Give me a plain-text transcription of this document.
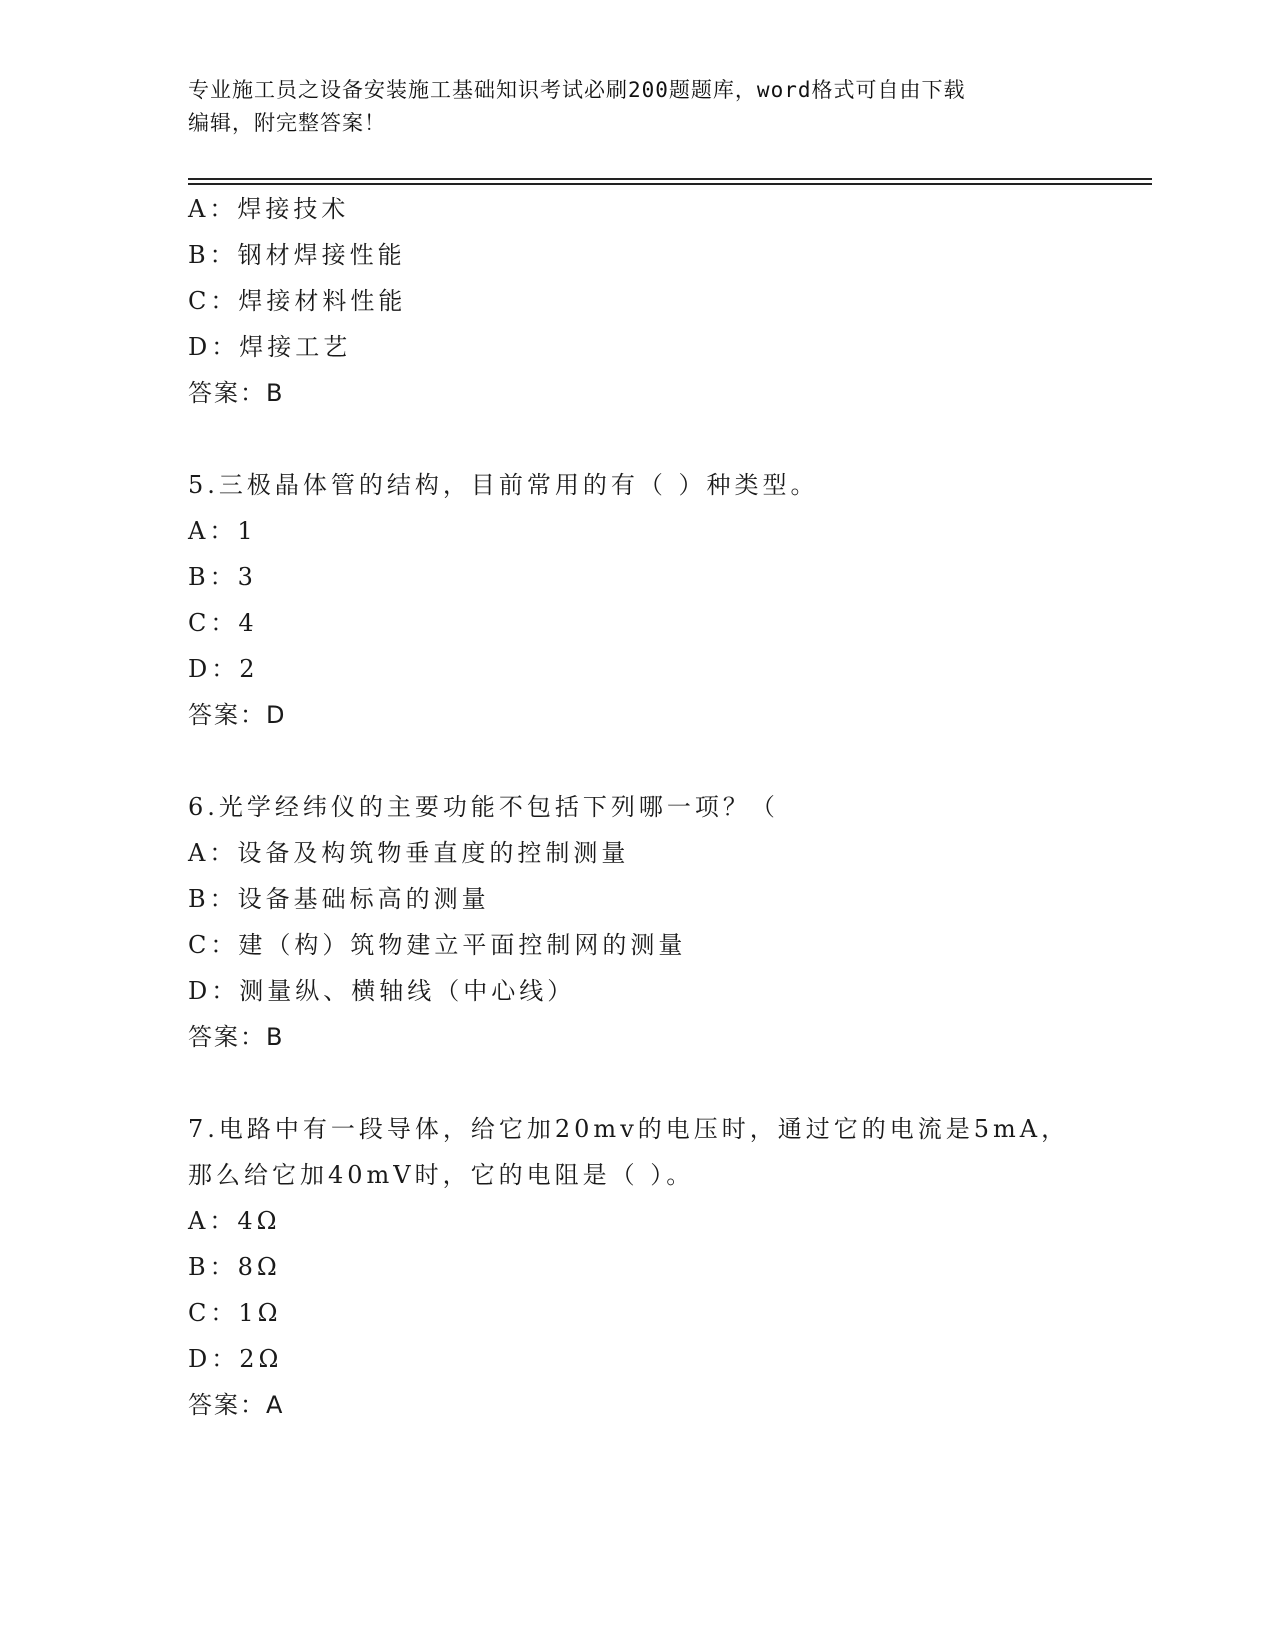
专业施工员之设备安装施工基础知识考试必刷200题题库，word格式可自由下载
编辑，附完整答案！
A：焊接技术
B：钢材焊接性能
C：焊接材料性能
D：焊接工艺
答案：B
5.三极晶体管的结构，目前常用的有（ ）种类型。
A：1
B：3
C：4
D：2
答案：D
6.光学经纬仪的主要功能不包括下列哪一项？（
A：设备及构筑物垂直度的控制测量
B：设备基础标高的测量
C：建（构）筑物建立平面控制网的测量
D：测量纵、横轴线（中心线）
答案：B
7.电路中有一段导体，给它加20mv的电压时，通过它的电流是5mA，
那么给它加40mV时，它的电阻是（ ）。
A：4Ω
B：8Ω
C：1Ω
D：2Ω
答案：A
